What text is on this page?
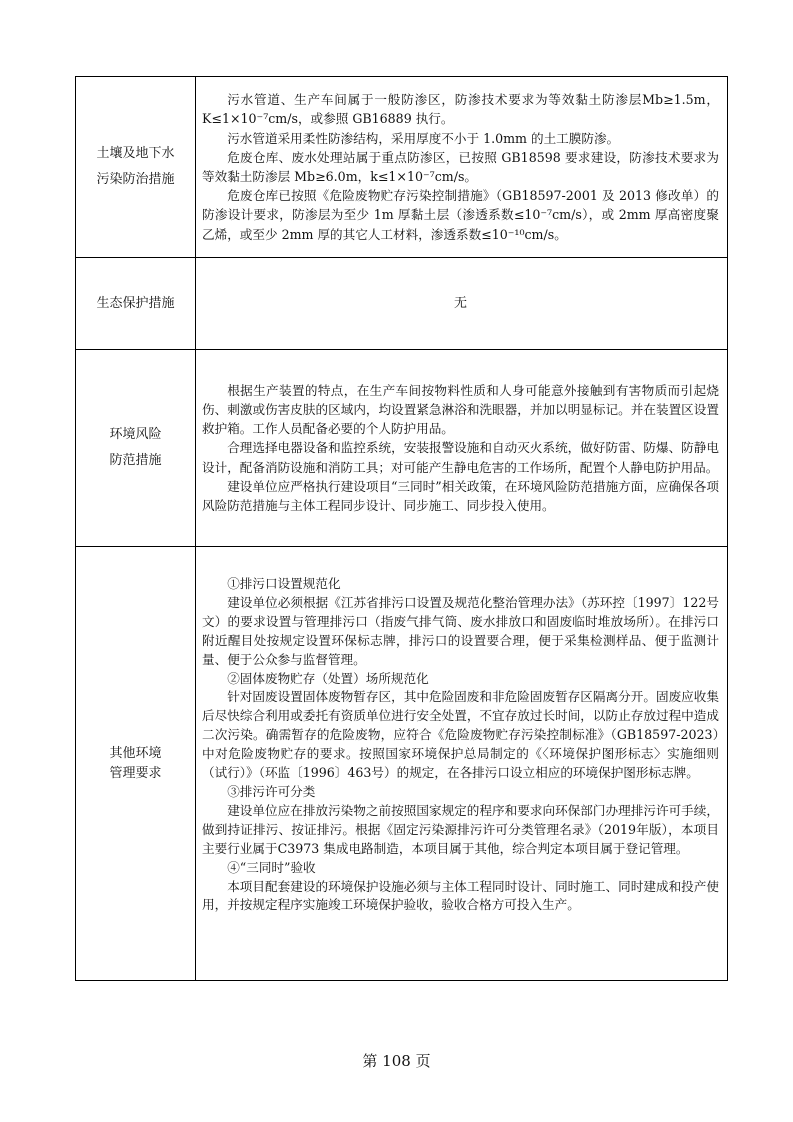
土壤及地下水
污染防治措施

污水管道、生产车间属于一般防渗区，防渗技术要求为等效黏土防渗层Mb≥1.5m，K≤1×10⁻⁷cm/s，或参照 GB16889 执行。

污水管道采用柔性防渗结构，采用厚度不小于 1.0mm 的土工膜防渗。

危废仓库、废水处理站属于重点防渗区，已按照 GB18598 要求建设，防渗技术要求为等效黏土防渗层 Mb≥6.0m，k≤1×10⁻⁷cm/s。

危废仓库已按照《危险废物贮存污染控制措施》（GB18597-2001 及 2013 修改单）的防渗设计要求，防渗层为至少 1m 厚黏土层（渗透系数≤10⁻⁷cm/s），或 2mm 厚高密度聚乙烯，或至少 2mm 厚的其它人工材料，渗透系数≤10⁻¹⁰cm/s。

生态保护措施	无

环境风险
防范措施

根据生产装置的特点，在生产车间按物料性质和人身可能意外接触到有害物质而引起烧伤、刺激或伤害皮肤的区域内，均设置紧急淋浴和洗眼器，并加以明显标记。并在装置区设置救护箱。工作人员配备必要的个人防护用品。

合理选择电器设备和监控系统，安装报警设施和自动灭火系统，做好防雷、防爆、防静电设计，配备消防设施和消防工具；对可能产生静电危害的工作场所，配置个人静电防护用品。

建设单位应严格执行建设项目“三同时”相关政策，在环境风险防范措施方面，应确保各项风险防范措施与主体工程同步设计、同步施工、同步投入使用。

其他环境
管理要求

①排污口设置规范化

建设单位必须根据《江苏省排污口设置及规范化整治管理办法》（苏环控〔1997〕122号文）的要求设置与管理排污口（指废气排气筒、废水排放口和固废临时堆放场所）。在排污口附近醒目处按规定设置环保标志牌，排污口的设置要合理，便于采集检测样品、便于监测计量、便于公众参与监督管理。

②固体废物贮存（处置）场所规范化

针对固废设置固体废物暂存区，其中危险固废和非危险固废暂存区隔离分开。固废应收集后尽快综合利用或委托有资质单位进行安全处置，不宜存放过长时间，以防止存放过程中造成二次污染。确需暂存的危险废物，应符合《危险废物贮存污染控制标准》（GB18597-2023）中对危险废物贮存的要求。按照国家环境保护总局制定的《〈环境保护图形标志〉实施细则（试行）》（环监〔1996〕463号）的规定，在各排污口设立相应的环境保护图形标志牌。

③排污许可分类

建设单位应在排放污染物之前按照国家规定的程序和要求向环保部门办理排污许可手续，做到持证排污、按证排污。根据《固定污染源排污许可分类管理名录》（2019年版），本项目主要行业属于C3973 集成电路制造，本项目属于其他，综合判定本项目属于登记管理。

④“三同时”验收

本项目配套建设的环境保护设施必须与主体工程同时设计、同时施工、同时建成和投产使用，并按规定程序实施竣工环境保护验收，验收合格方可投入生产。

第 108 页
